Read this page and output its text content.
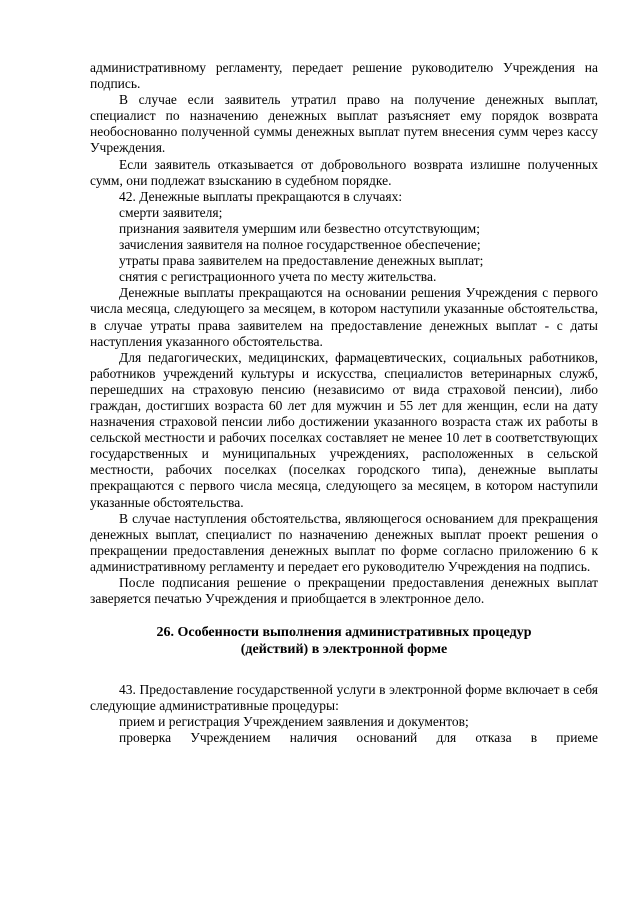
административному регламенту, передает решение руководителю Учреждения на подпись.

В случае если заявитель утратил право на получение денежных выплат, специалист по назначению денежных выплат разъясняет ему порядок возврата необоснованно полученной суммы денежных выплат путем внесения сумм через кассу Учреждения.

Если заявитель отказывается от добровольного возврата излишне полученных сумм, они подлежат взысканию в судебном порядке.

42. Денежные выплаты прекращаются в случаях:

смерти заявителя;

признания заявителя умершим или безвестно отсутствующим;

зачисления заявителя на полное государственное обеспечение;

утраты права заявителем на предоставление денежных выплат;

снятия с регистрационного учета по месту жительства.

Денежные выплаты прекращаются на основании решения Учреждения с первого числа месяца, следующего за месяцем, в котором наступили указанные обстоятельства, в случае утраты права заявителем на предоставление денежных выплат - с даты наступления указанного обстоятельства.

Для педагогических, медицинских, фармацевтических, социальных работников, работников учреждений культуры и искусства, специалистов ветеринарных служб, перешедших на страховую пенсию (независимо от вида страховой пенсии), либо граждан, достигших возраста 60 лет для мужчин и 55 лет для женщин, если на дату назначения страховой пенсии либо достижении указанного возраста стаж их работы в сельской местности и рабочих поселках составляет не менее 10 лет в соответствующих государственных и муниципальных учреждениях, расположенных в сельской местности, рабочих поселках (поселках городского типа), денежные выплаты прекращаются с первого числа месяца, следующего за месяцем, в котором наступили указанные обстоятельства.

В случае наступления обстоятельства, являющегося основанием для прекращения денежных выплат, специалист по назначению денежных выплат проект решения о прекращении предоставления денежных выплат по форме согласно приложению 6 к административному регламенту и передает его руководителю Учреждения на подпись.

После подписания решение о прекращении предоставления денежных выплат заверяется печатью Учреждения и приобщается в электронное дело.

26. Особенности выполнения административных процедур
(действий) в электронной форме

43. Предоставление государственной услуги в электронной форме включает в себя следующие административные процедуры:

прием и регистрация Учреждением заявления и документов;

проверка Учреждением наличия оснований для отказа в приеме
